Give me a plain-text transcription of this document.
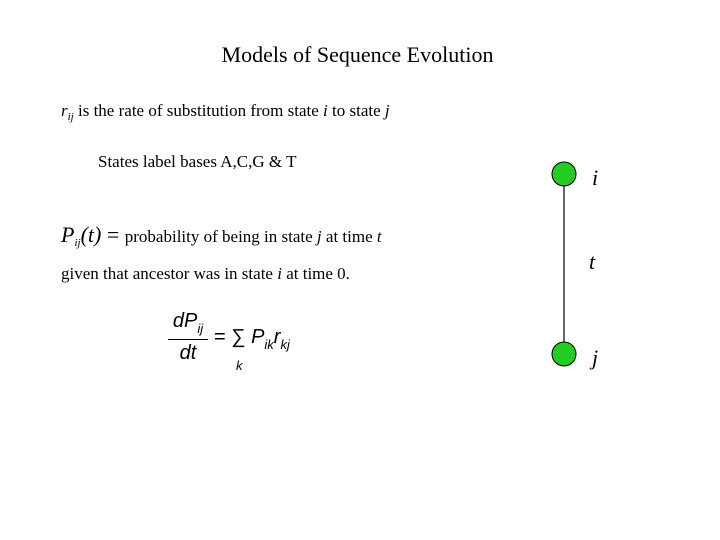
Models of Sequence Evolution
$r_{ij}$ is the rate of substitution from state i to state j
States label bases A,C,G & T
$P_{ij}(t)$ = probability of being in state j at time t
given that ancestor was in state i at time 0.
$dP_{ij}$
dt
= ∑ $P_{ik}r_{kj}$
k
i
t
j
